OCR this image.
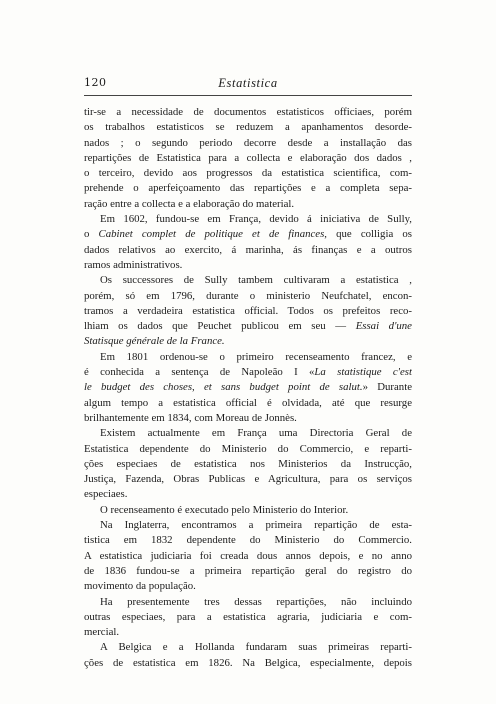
120	Estatistica
tir-se a necessidade de documentos estatisticos officiaes, porém
os trabalhos estatisticos se reduzem a apanhamentos desorde-
nados ; o segundo periodo decorre desde a installação das
repartições de Estatistica para a collecta e elaboração dos dados ,
o terceiro, devido aos progressos da estatistica scientifica, com-
prehende o aperfeiçoamento das repartições e a completa sepa-
ração entre a collecta e a elaboração do material.
Em 1602, fundou-se em França, devido á iniciativa de Sully,
o Cabinet complet de politique et de finances, que colligia os
dados relativos ao exercito, á marinha, ás finanças e a outros
ramos administrativos.
Os successores de Sully tambem cultivaram a estatistica ,
porém, só em 1796, durante o ministerio Neufchatel, encon-
tramos a verdadeira estatistica official. Todos os prefeitos reco-
lhiam os dados que Peuchet publicou em seu — Essai d'une
Statisque générale de la France.
Em 1801 ordenou-se o primeiro recenseamento francez, e
é conhecida a sentença de Napoleão I «La statistique c'est
le budget des choses, et sans budget point de salut.» Durante
algum tempo a estatistica official é olvidada, até que resurge
brilhantemente em 1834, com Moreau de Jonnès.
Existem actualmente em França uma Directoria Geral de
Estatistica dependente do Ministerio do Commercio, e reparti-
ções especiaes de estatistica nos Ministerios da Instrucção,
Justiça, Fazenda, Obras Publicas e Agricultura, para os serviços
especiaes.
O recenseamento é executado pelo Ministerio do Interior.
Na Inglaterra, encontramos a primeira repartição de esta-
tistica em 1832 dependente do Ministerio do Commercio.
A estatistica judiciaria foi creada dous annos depois, e no anno
de 1836 fundou-se a primeira repartição geral do registro do
movimento da população.
Ha presentemente tres dessas repartições, não incluindo
outras especiaes, para a estatistica agraria, judiciaria e com-
mercial.
A Belgica e a Hollanda fundaram suas primeiras reparti-
ções de estatistica em 1826. Na Belgica, especialmente, depois
